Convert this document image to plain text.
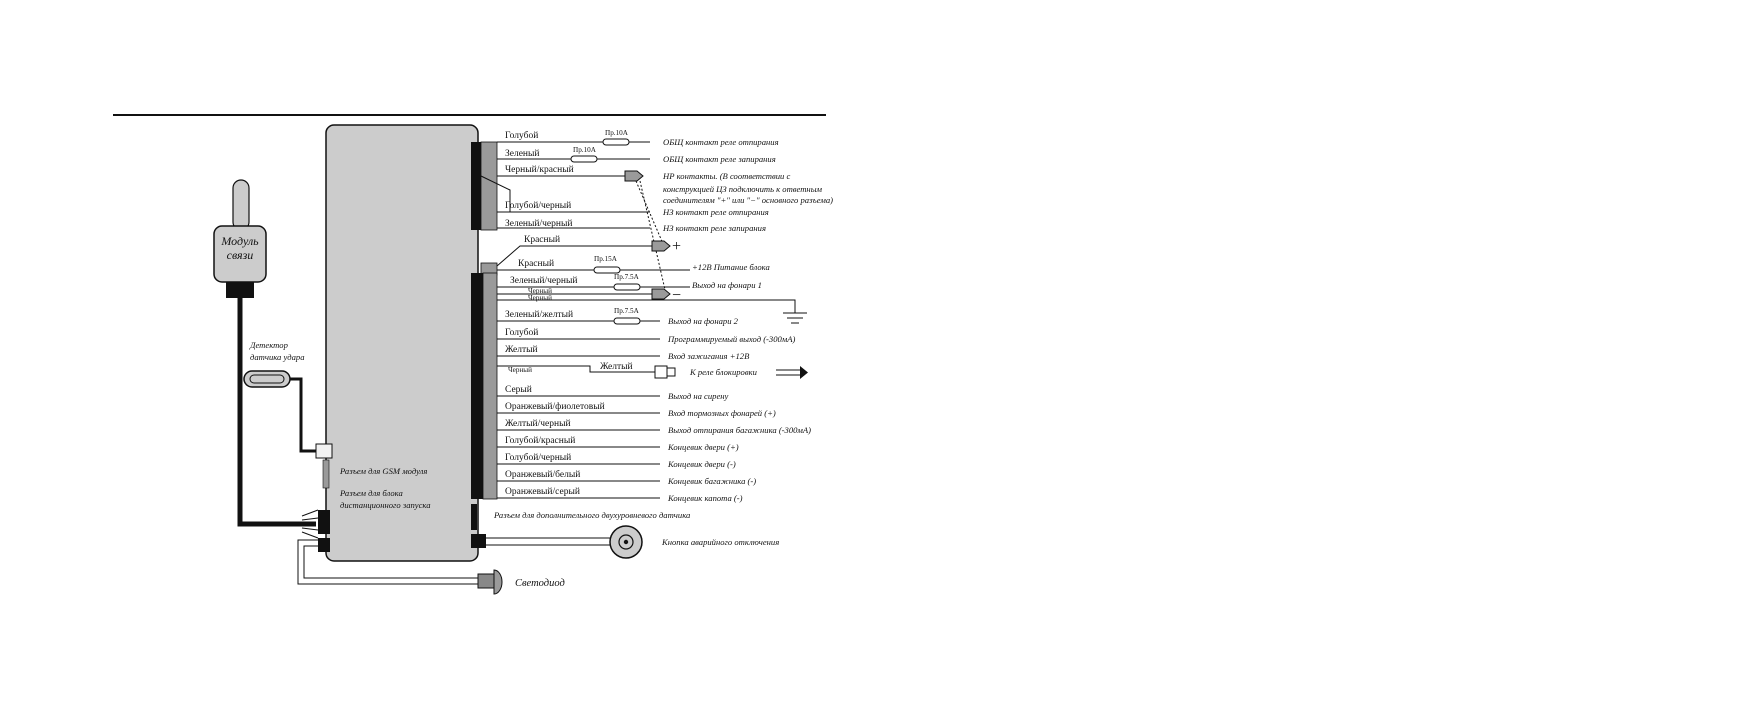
Модуль
связи
Детектор
датчика удара
Разъем для GSM модуля
Разъем для блока
дистанционного запуска
Светодиод
Разъем для дополнительного двухуровневого датчика
Кнопка аварийного отключения
Голубой	Пр.10А
ОБЩ контакт реле отпирания
Зеленый	Пр.10А
ОБЩ контакт реле запирания
Черный/красный
Голубой/черный
НЗ контакт реле отпирания
Зеленый/черный	НЗ контакт реле запирания
НР контакты. (В соответствии с
конструкцией ЦЗ подключить к ответным
соединителям "+" или "−" основного разъема)
+
−
Красный
Красный	Пр.15А
+12В Питание блока
Зеленый/черный	Пр.7.5А
Выход на фонари 1
Черный
Черный
К реле блокировки
Зеленый/желтый	Пр.7.5А
Выход на фонари 2
Голубой
Программируемый выход (-300мА)
Желтый
Вход зажигания +12В
Черный	Желтый
Серый
Выход на сирену
Оранжевый/фиолетовый
Вход тормозных фонарей (+)
Желтый/черный
Выход отпирания багажника (-300мА)
Голубой/красный
Концевик двери (+)
Голубой/черный
Концевик двери (-)
Оранжевый/белый
Концевик багажника (-)
Оранжевый/серый
Концевик капота (-)
